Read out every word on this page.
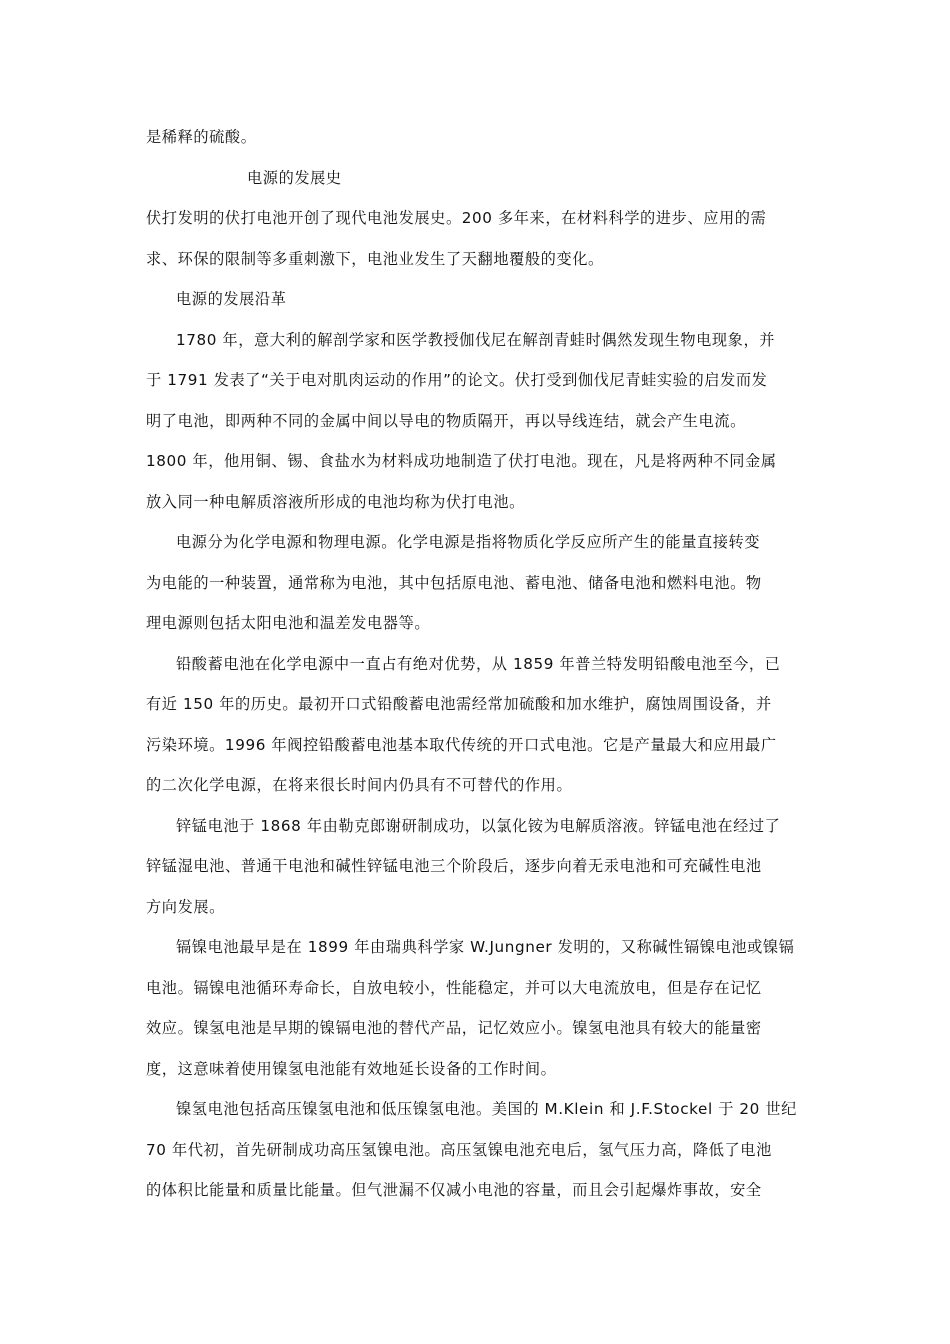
是稀释的硫酸。
电源的发展史
伏打发明的伏打电池开创了现代电池发展史。200 多年来，在材料科学的进步、应用的需
求、环保的限制等多重刺激下，电池业发生了天翻地覆般的变化。
电源的发展沿革
1780 年，意大利的解剖学家和医学教授伽伐尼在解剖青蛙时偶然发现生物电现象，并
于 1791 发表了“关于电对肌肉运动的作用”的论文。伏打受到伽伐尼青蛙实验的启发而发
明了电池，即两种不同的金属中间以导电的物质隔开，再以导线连结，就会产生电流。
1800 年，他用铜、锡、食盐水为材料成功地制造了伏打电池。现在，凡是将两种不同金属
放入同一种电解质溶液所形成的电池均称为伏打电池。
电源分为化学电源和物理电源。化学电源是指将物质化学反应所产生的能量直接转变
为电能的一种装置，通常称为电池，其中包括原电池、蓄电池、储备电池和燃料电池。物
理电源则包括太阳电池和温差发电器等。
铅酸蓄电池在化学电源中一直占有绝对优势，从 1859 年普兰特发明铅酸电池至今，已
有近 150 年的历史。最初开口式铅酸蓄电池需经常加硫酸和加水维护，腐蚀周围设备，并
污染环境。1996 年阀控铅酸蓄电池基本取代传统的开口式电池。它是产量最大和应用最广
的二次化学电源，在将来很长时间内仍具有不可替代的作用。
锌锰电池于 1868 年由勒克郎谢研制成功，以氯化铵为电解质溶液。锌锰电池在经过了
锌锰湿电池、普通干电池和碱性锌锰电池三个阶段后，逐步向着无汞电池和可充碱性电池
方向发展。
镉镍电池最早是在 1899 年由瑞典科学家 W.Jungner 发明的，又称碱性镉镍电池或镍镉
电池。镉镍电池循环寿命长，自放电较小，性能稳定，并可以大电流放电，但是存在记忆
效应。镍氢电池是早期的镍镉电池的替代产品，记忆效应小。镍氢电池具有较大的能量密
度，这意味着使用镍氢电池能有效地延长设备的工作时间。
镍氢电池包括高压镍氢电池和低压镍氢电池。美国的 M.Klein 和 J.F.Stockel 于 20 世纪
70 年代初，首先研制成功高压氢镍电池。高压氢镍电池充电后，氢气压力高，降低了电池
的体积比能量和质量比能量。但气泄漏不仅减小电池的容量，而且会引起爆炸事故，安全
